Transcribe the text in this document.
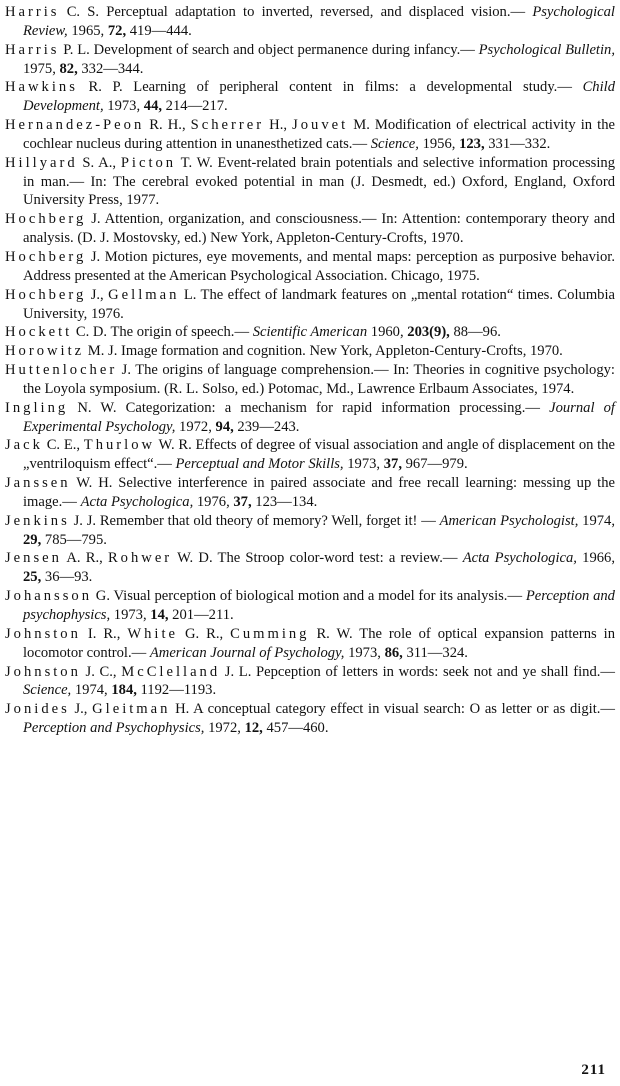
Harris C. S. Perceptual adaptation to inverted, reversed, and displaced vision.— Psychological Review, 1965, 72, 419—444.
Harris P. L. Development of search and object permanence during infancy.— Psychological Bulletin, 1975, 82, 332—344.
Hawkins R. P. Learning of peripheral content in films: a developmental study.— Child Development, 1973, 44, 214—217.
Hernandez-Peon R. H., Scherrer H., Jouvet M. Modification of electrical activity in the cochlear nucleus during attention in unanesthetized cats.— Science, 1956, 123, 331—332.
Hillyard S. A., Picton T. W. Event-related brain potentials and selective information processing in man.— In: The cerebral evoked potential in man (J. Desmedt, ed.) Oxford, England, Oxford University Press, 1977.
Hochberg J. Attention, organization, and consciousness.— In: Attention: contemporary theory and analysis. (D. J. Mostovsky, ed.) New York, Appleton-Century-Crofts, 1970.
Hochberg J. Motion pictures, eye movements, and mental maps: perception as purposive behavior. Address presented at the American Psychological Association. Chicago, 1975.
Hochberg J., Gellman L. The effect of landmark features on „mental rotation“ times. Columbia University, 1976.
Hockett C. D. The origin of speech.— Scientific American 1960, 203(9), 88—96.
Horowitz M. J. Image formation and cognition. New York, Appleton-Century-Crofts, 1970.
Huttenlocher J. The origins of language comprehension.— In: Theories in cognitive psychology: the Loyola symposium. (R. L. Solso, ed.) Potomac, Md., Lawrence Erlbaum Associates, 1974.
Ingling N. W. Categorization: a mechanism for rapid information processing.— Journal of Experimental Psychology, 1972, 94, 239—243.
Jack C. E., Thurlow W. R. Effects of degree of visual association and angle of displacement on the „ventriloquism effect“.— Perceptual and Motor Skills, 1973, 37, 967—979.
Janssen W. H. Selective interference in paired associate and free recall learning: messing up the image.— Acta Psychologica, 1976, 37, 123—134.
Jenkins J. J. Remember that old theory of memory? Well, forget it! — American Psychologist, 1974, 29, 785—795.
Jensen A. R., Rohwer W. D. The Stroop color-word test: a review.— Acta Psychologica, 1966, 25, 36—93.
Johansson G. Visual perception of biological motion and a model for its analysis.— Perception and psychophysics, 1973, 14, 201—211.
Johnston I. R., White G. R., Cumming R. W. The role of optical expansion patterns in locomotor control.— American Journal of Psychology, 1973, 86, 311—324.
Johnston J. C., McClelland J. L. Pepception of letters in words: seek not and ye shall find.— Science, 1974, 184, 1192—1193.
Jonides J., Gleitman H. A conceptual category effect in visual search: O as letter or as digit.—Perception and Psychophysics, 1972, 12, 457—460.
211
